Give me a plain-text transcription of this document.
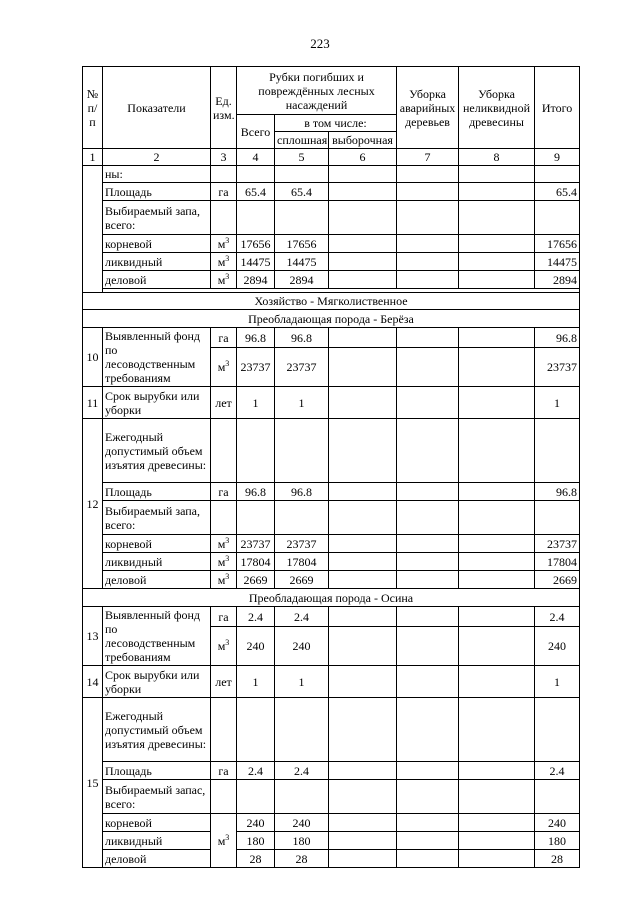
223
№ п/п	Показатели	Ед. изм.	Рубки погибших и повреждённых лесных насаждений			Уборка аварийных деревьев	Уборка неликвидной древесины	Итого
			Всего	в том числе:				
				сплошная	выборочная			
1	2	3	4	5	6	7	8	9
	ны:							
	Площадь	га	65.4	65.4				65.4
	Выбираемый запа, всего:							
	корневой	$м^3$	17656	17656				17656
	ликвидный	$м^3$	14475	14475				14475
	деловой	$м^3$	2894	2894				2894

Хозяйство - Мягколиственное								
Преобладающая порода - Берёза								
10	Выявленный фонд по лесоводственным требованиям	га	96.8	96.8				96.8
		$м^3$	23737	23737				23737
11	Срок вырубки или уборки	лет	1	1				1
12	Ежегодный допустимый объем изъятия древесины:							
	Площадь	га	96.8	96.8				96.8
	Выбираемый запа, всего:							
	корневой	$м^3$	23737	23737				23737
	ликвидный	$м^3$	17804	17804				17804
	деловой	$м^3$	2669	2669				2669
Преобладающая порода - Осина								
13	Выявленный фонд по лесоводственным требованиям	га	2.4	2.4				2.4
		$м^3$	240	240				240
14	Срок вырубки или уборки	лет	1	1				1
15	Ежегодный допустимый объем изъятия древесины:							
	Площадь	га	2.4	2.4				2.4
	Выбираемый запас, всего:							
	корневой	$м^3$	240	240				240
	ликвидный		180	180				180
	деловой		28	28				28
